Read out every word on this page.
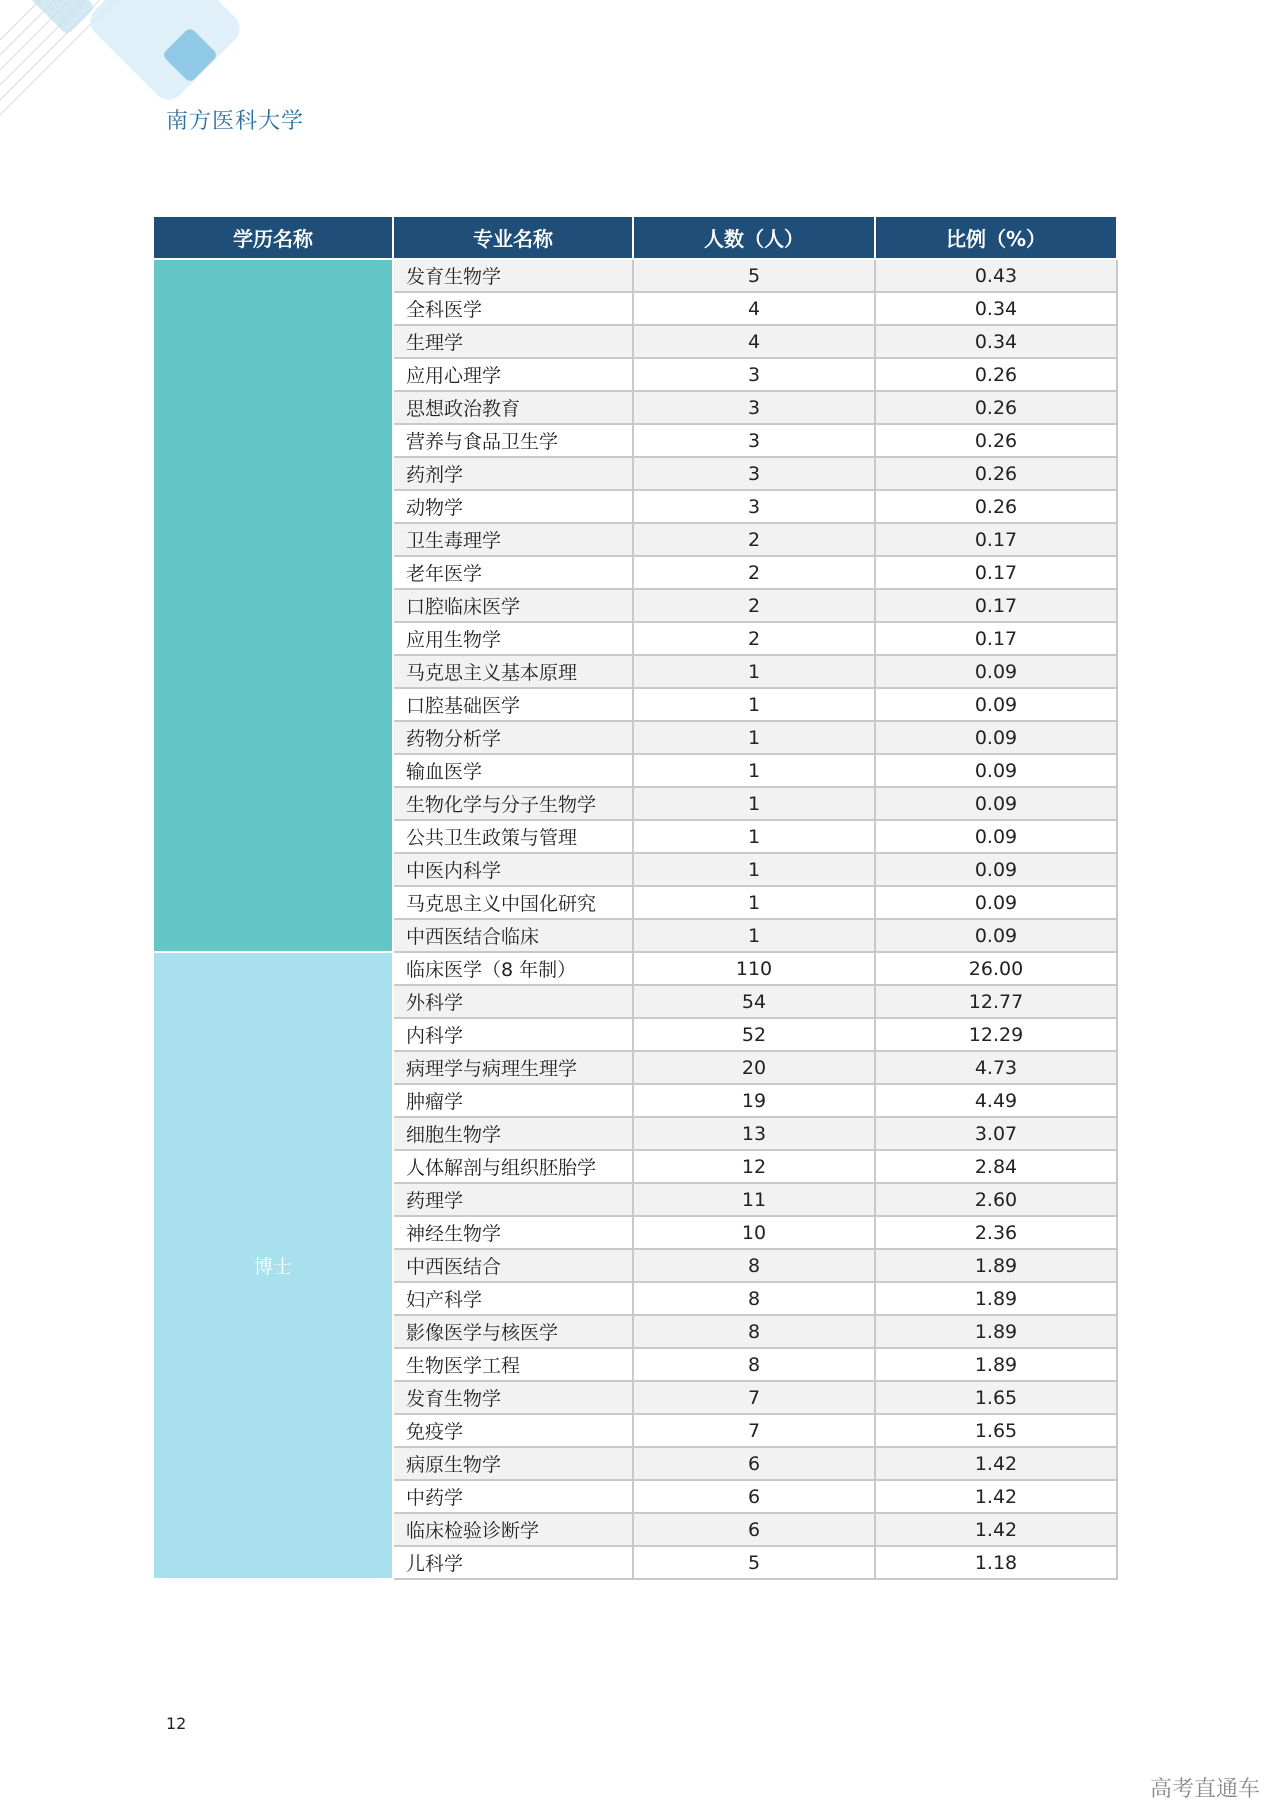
南方医科大学
学历名称	专业名称	人数（人）	比例（%）
	发育生物学	5	0.43
	全科医学	4	0.34
	生理学	4	0.34
	应用心理学	3	0.26
	思想政治教育	3	0.26
	营养与食品卫生学	3	0.26
	药剂学	3	0.26
	动物学	3	0.26
	卫生毒理学	2	0.17
	老年医学	2	0.17
	口腔临床医学	2	0.17
	应用生物学	2	0.17
	马克思主义基本原理	1	0.09
	口腔基础医学	1	0.09
	药物分析学	1	0.09
	输血医学	1	0.09
	生物化学与分子生物学	1	0.09
	公共卫生政策与管理	1	0.09
	中医内科学	1	0.09
	马克思主义中国化研究	1	0.09
	中西医结合临床	1	0.09
博士	临床医学（8 年制）	110	26.00
	外科学	54	12.77
	内科学	52	12.29
	病理学与病理生理学	20	4.73
	肿瘤学	19	4.49
	细胞生物学	13	3.07
	人体解剖与组织胚胎学	12	2.84
	药理学	11	2.60
	神经生物学	10	2.36
	中西医结合	8	1.89
	妇产科学	8	1.89
	影像医学与核医学	8	1.89
	生物医学工程	8	1.89
	发育生物学	7	1.65
	免疫学	7	1.65
	病原生物学	6	1.42
	中药学	6	1.42
	临床检验诊断学	6	1.42
	儿科学	5	1.18
12
高考直通车
